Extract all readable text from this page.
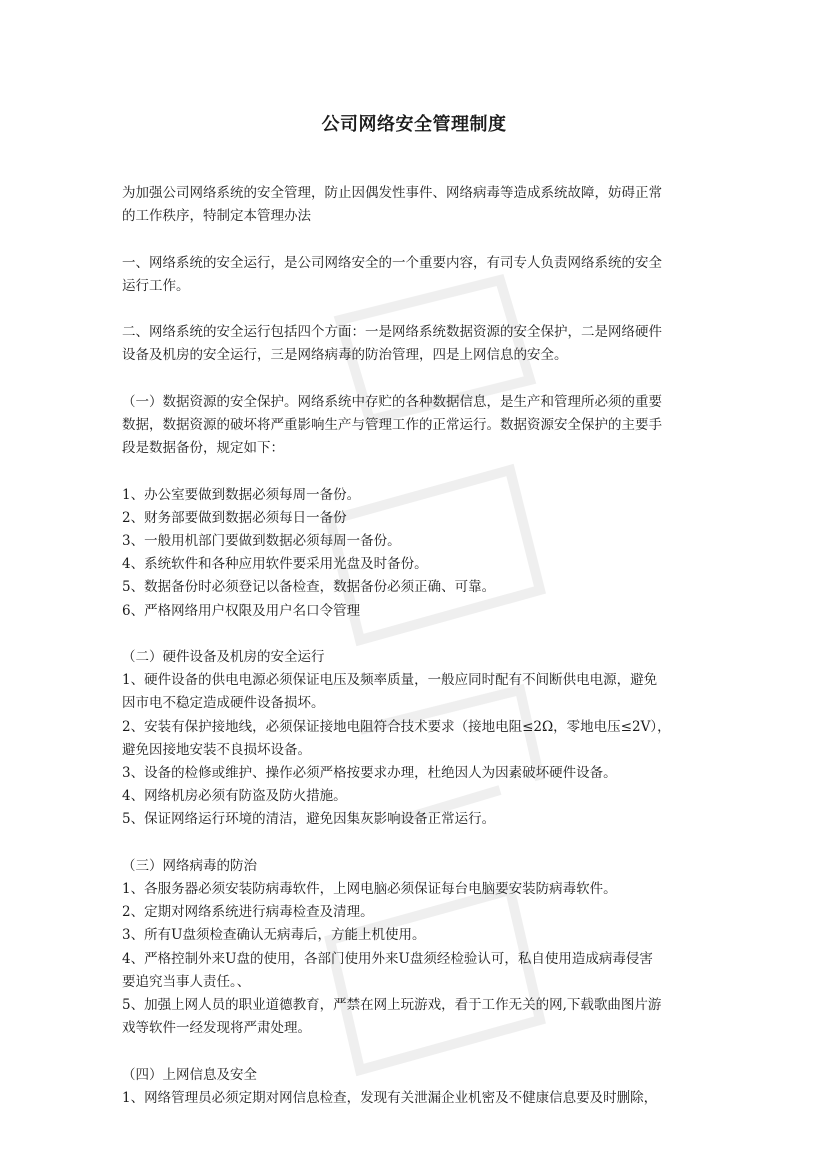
公司网络安全管理制度

为加强公司网络系统的安全管理，防止因偶发性事件、网络病毒等造成系统故障，妨碍正常

的工作秩序，特制定本管理办法

一、网络系统的安全运行，是公司网络安全的一个重要内容，有司专人负责网络系统的安全

运行工作。

二、网络系统的安全运行包括四个方面：一是网络系统数据资源的安全保护，二是网络硬件

设备及机房的安全运行，三是网络病毒的防治管理，四是上网信息的安全。

（一）数据资源的安全保护。网络系统中存贮的各种数据信息，是生产和管理所必须的重要

数据，数据资源的破坏将严重影响生产与管理工作的正常运行。数据资源安全保护的主要手

段是数据备份，规定如下：

1、办公室要做到数据必须每周一备份。

2、财务部要做到数据必须每日一备份

3、一般用机部门要做到数据必须每周一备份。

4、系统软件和各种应用软件要采用光盘及时备份。

5、数据备份时必须登记以备检查，数据备份必须正确、可靠。

6、严格网络用户权限及用户名口令管理

（二）硬件设备及机房的安全运行

1、硬件设备的供电电源必须保证电压及频率质量，一般应同时配有不间断供电电源，避免

因市电不稳定造成硬件设备损坏。

2、安装有保护接地线，必须保证接地电阻符合技术要求（接地电阻≤2Ω，零地电压≤2V），

避免因接地安装不良损坏设备。

3、设备的检修或维护、操作必须严格按要求办理，杜绝因人为因素破坏硬件设备。

4、网络机房必须有防盗及防火措施。

5、保证网络运行环境的清洁，避免因集灰影响设备正常运行。

（三）网络病毒的防治

1、各服务器必须安装防病毒软件，上网电脑必须保证每台电脑要安装防病毒软件。

2、定期对网络系统进行病毒检查及清理。

3、所有U盘须检查确认无病毒后，方能上机使用。

4、严格控制外来U盘的使用，各部门使用外来U盘须经检验认可，私自使用造成病毒侵害

要追究当事人责任。、

5、加强上网人员的职业道德教育，严禁在网上玩游戏，看于工作无关的网,下载歌曲图片游

戏等软件一经发现将严肃处理。

（四）上网信息及安全

1、网络管理员必须定期对网信息检查，发现有关泄漏企业机密及不健康信息要及时删除，
